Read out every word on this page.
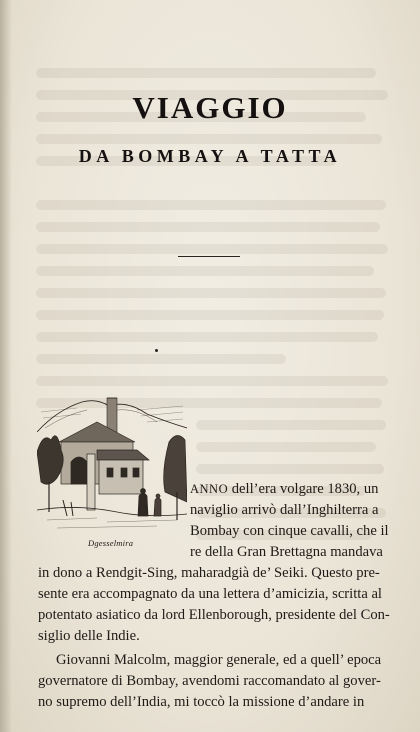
VIAGGIO
DA BOMBAY A TATTA
Dgesselmira
ANNO dell’era volgare 1830, un
naviglio arrivò dall’Inghilterra a
Bombay con cinque cavalli, che il
re della Gran Brettagna mandava
in dono a Rendgit-Sing, maharadgià de’ Seiki. Questo pre-
sente era accompagnato da una lettera d’amicizia, scritta al
potentato asiatico da lord Ellenborough, presidente del Con-
siglio delle Indie.
Giovanni Malcolm, maggior generale, ed a quell’ epoca
governatore di Bombay, avendomi raccomandato al gover-
no supremo dell’India, mi toccò la missione d’andare in
